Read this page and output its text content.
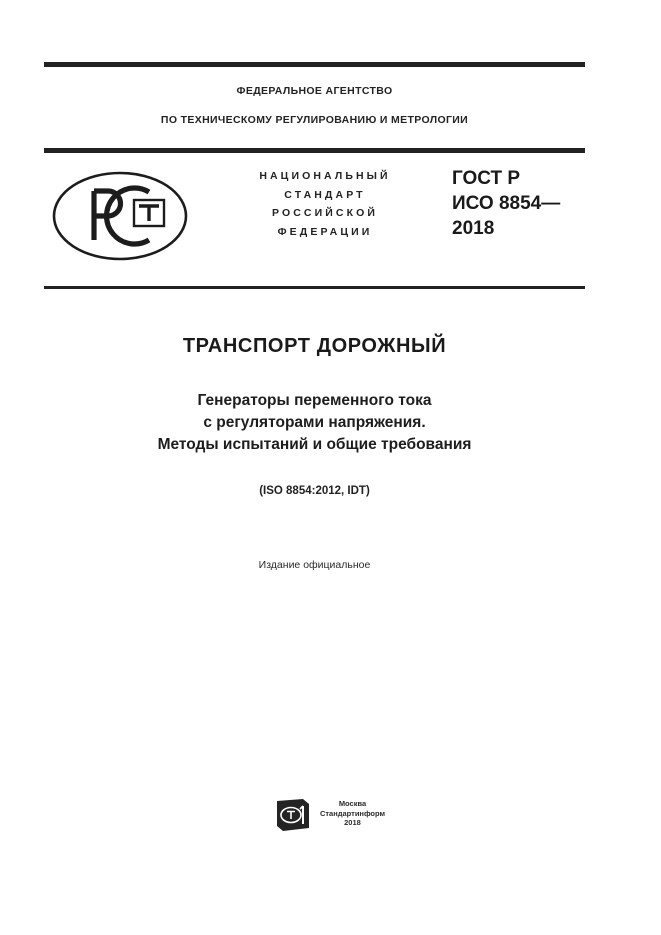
ФЕДЕРАЛЬНОЕ АГЕНТСТВО
ПО ТЕХНИЧЕСКОМУ РЕГУЛИРОВАНИЮ И МЕТРОЛОГИИ
НАЦИОНАЛЬНЫЙ
СТАНДАРТ
РОССИЙСКОЙ
ФЕДЕРАЦИИ
ГОСТ Р
ИСО 8854—
2018
ТРАНСПОРТ ДОРОЖНЫЙ
Генераторы переменного тока
с регуляторами напряжения.
Методы испытаний и общие требования
(ISO 8854:2012, IDT)
Издание официальное
Москва
Стандартинформ
2018
